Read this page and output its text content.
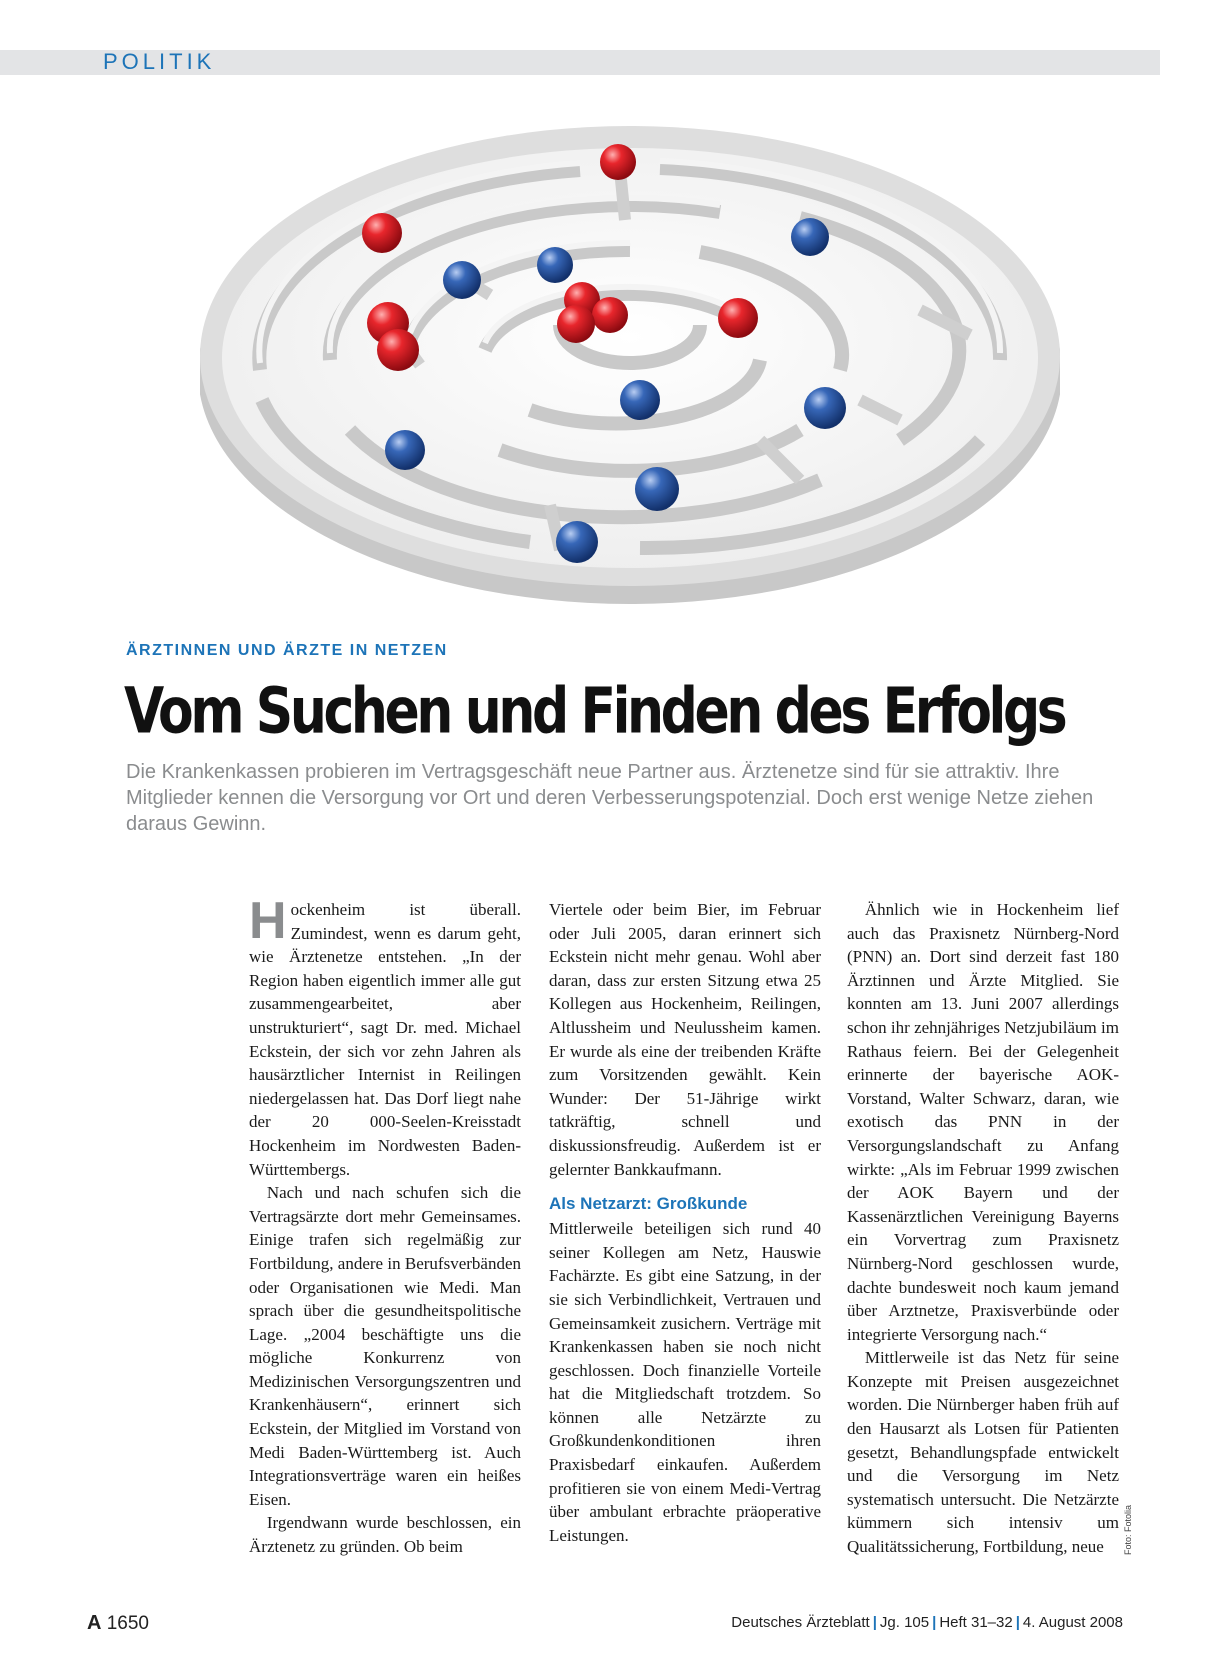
POLITIK
ÄRZTINNEN UND ÄRZTE IN NETZEN
Vom Suchen und Finden des Erfolgs
Die Krankenkassen probieren im Vertragsgeschäft neue Partner aus. Ärztenetze sind für sie attraktiv. Ihre Mitglieder kennen die Versorgung vor Ort und deren Verbesserungspotenzial. Doch erst wenige Netze ziehen daraus Gewinn.
H ockenheim ist überall. Zumindest, wenn es darum geht, wie Ärztenetze entstehen. „In der Region haben eigentlich immer alle gut zusammengearbeitet, aber unstrukturiert“, sagt Dr. med. Michael Eckstein, der sich vor zehn Jahren als hausärztlicher Internist in Reilingen niedergelassen hat. Das Dorf liegt nahe der 20 000-Seelen-Kreisstadt Hockenheim im Nordwesten Baden-Württembergs.

Nach und nach schufen sich die Vertragsärzte dort mehr Gemeinsames. Einige trafen sich regelmäßig zur Fortbildung, andere in Berufsverbänden oder Organisationen wie Medi. Man sprach über die gesundheitspolitische Lage. „2004 beschäftigte uns die mögliche Konkurrenz von Medizinischen Versorgungszentren und Krankenhäusern“, erinnert sich Eckstein, der Mitglied im Vorstand von Medi Baden-Württemberg ist. Auch Integrationsverträge waren ein heißes Eisen.

Irgendwann wurde beschlossen, ein Ärztenetz zu gründen. Ob beim

Viertele oder beim Bier, im Februar oder Juli 2005, daran erinnert sich Eckstein nicht mehr genau. Wohl aber daran, dass zur ersten Sitzung etwa 25 Kollegen aus Hockenheim, Reilingen, Altlussheim und Neulussheim kamen. Er wurde als eine der treibenden Kräfte zum Vorsitzenden gewählt. Kein Wunder: Der 51-Jährige wirkt tatkräftig, schnell und diskussionsfreudig. Außerdem ist er gelernter Bankkaufmann.

Als Netzarzt: Großkunde

Mittlerweile beteiligen sich rund 40 seiner Kollegen am Netz, Hauswie Fachärzte. Es gibt eine Satzung, in der sie sich Verbindlichkeit, Vertrauen und Gemeinsamkeit zusichern. Verträge mit Krankenkassen haben sie noch nicht geschlossen. Doch finanzielle Vorteile hat die Mitgliedschaft trotzdem. So können alle Netzärzte zu Großkundenkonditionen ihren Praxisbedarf einkaufen. Außerdem profitieren sie von einem Medi-Vertrag über ambulant erbrachte präoperative Leistungen.

Ähnlich wie in Hockenheim lief auch das Praxisnetz Nürnberg-Nord (PNN) an. Dort sind derzeit fast 180 Ärztinnen und Ärzte Mitglied. Sie konnten am 13. Juni 2007 allerdings schon ihr zehnjähriges Netzjubiläum im Rathaus feiern. Bei der Gelegenheit erinnerte der bayerische AOK-Vorstand, Walter Schwarz, daran, wie exotisch das PNN in der Versorgungslandschaft zu Anfang wirkte: „Als im Februar 1999 zwischen der AOK Bayern und der Kassenärztlichen Vereinigung Bayerns ein Vorvertrag zum Praxisnetz Nürnberg-Nord geschlossen wurde, dachte bundesweit noch kaum jemand über Arztnetze, Praxisverbünde oder integrierte Versorgung nach.“

Mittlerweile ist das Netz für seine Konzepte mit Preisen ausgezeichnet worden. Die Nürnberger haben früh auf den Hausarzt als Lotsen für Patienten gesetzt, Behandlungspfade entwickelt und die Versorgung im Netz systematisch untersucht. Die Netzärzte kümmern sich intensiv um Qualitätssicherung, Fortbildung, neue	Foto: Fotolia
A 1650	Deutsches Ärzteblatt | Jg. 105 | Heft 31–32 | 4. August 2008
